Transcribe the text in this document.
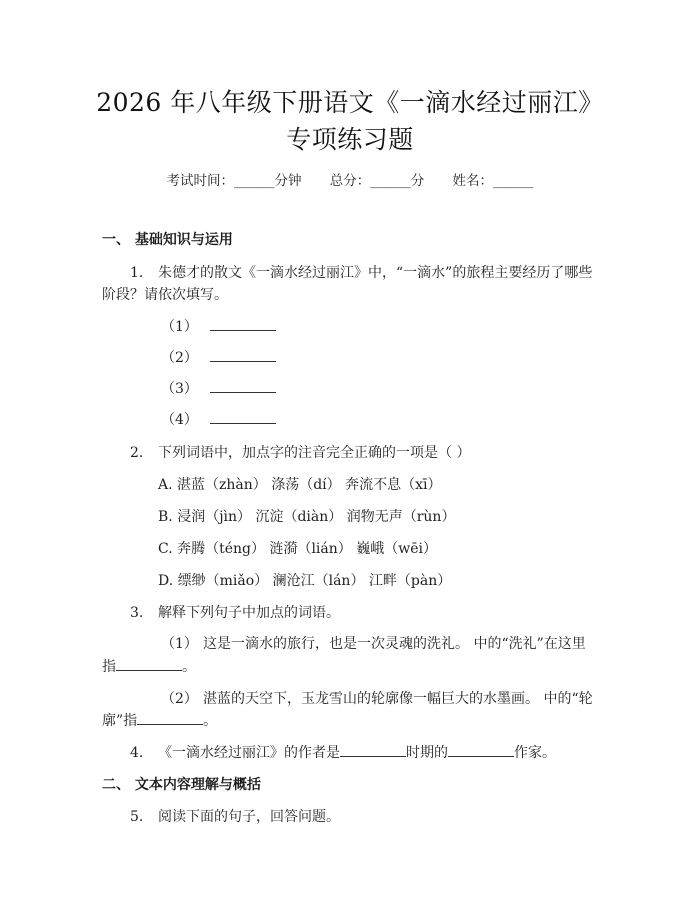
2026 年八年级下册语文《一滴水经过丽江》
专项练习题
考试时间：______分钟 总分：______分 姓名：______
一、 基础知识与运用
1. 朱德才的散文《一滴水经过丽江》中，“一滴水”的旅程主要经历了哪些
阶段？请依次填写。
（1）
（2）
（3）
（4）
2. 下列词语中，加点字的注音完全正确的一项是（ ）
A. 湛蓝（zhàn） 涤荡（dí） 奔流不息（xī）
B. 浸润（jìn） 沉淀（diàn） 润物无声（rùn）
C. 奔腾（téng） 涟漪（lián） 巍峨（wēi）
D. 缥缈（miǎo） 澜沧江（lán） 江畔（pàn）
3. 解释下列句子中加点的词语。
（1） 这是一滴水的旅行，也是一次灵魂的洗礼。 中的“洗礼”在这里
指	。
（2） 湛蓝的天空下，玉龙雪山的轮廓像一幅巨大的水墨画。 中的“轮
廓”指	。
4. 《一滴水经过丽江》的作者是	时期的	作家。
二、 文本内容理解与概括
5. 阅读下面的句子，回答问题。
